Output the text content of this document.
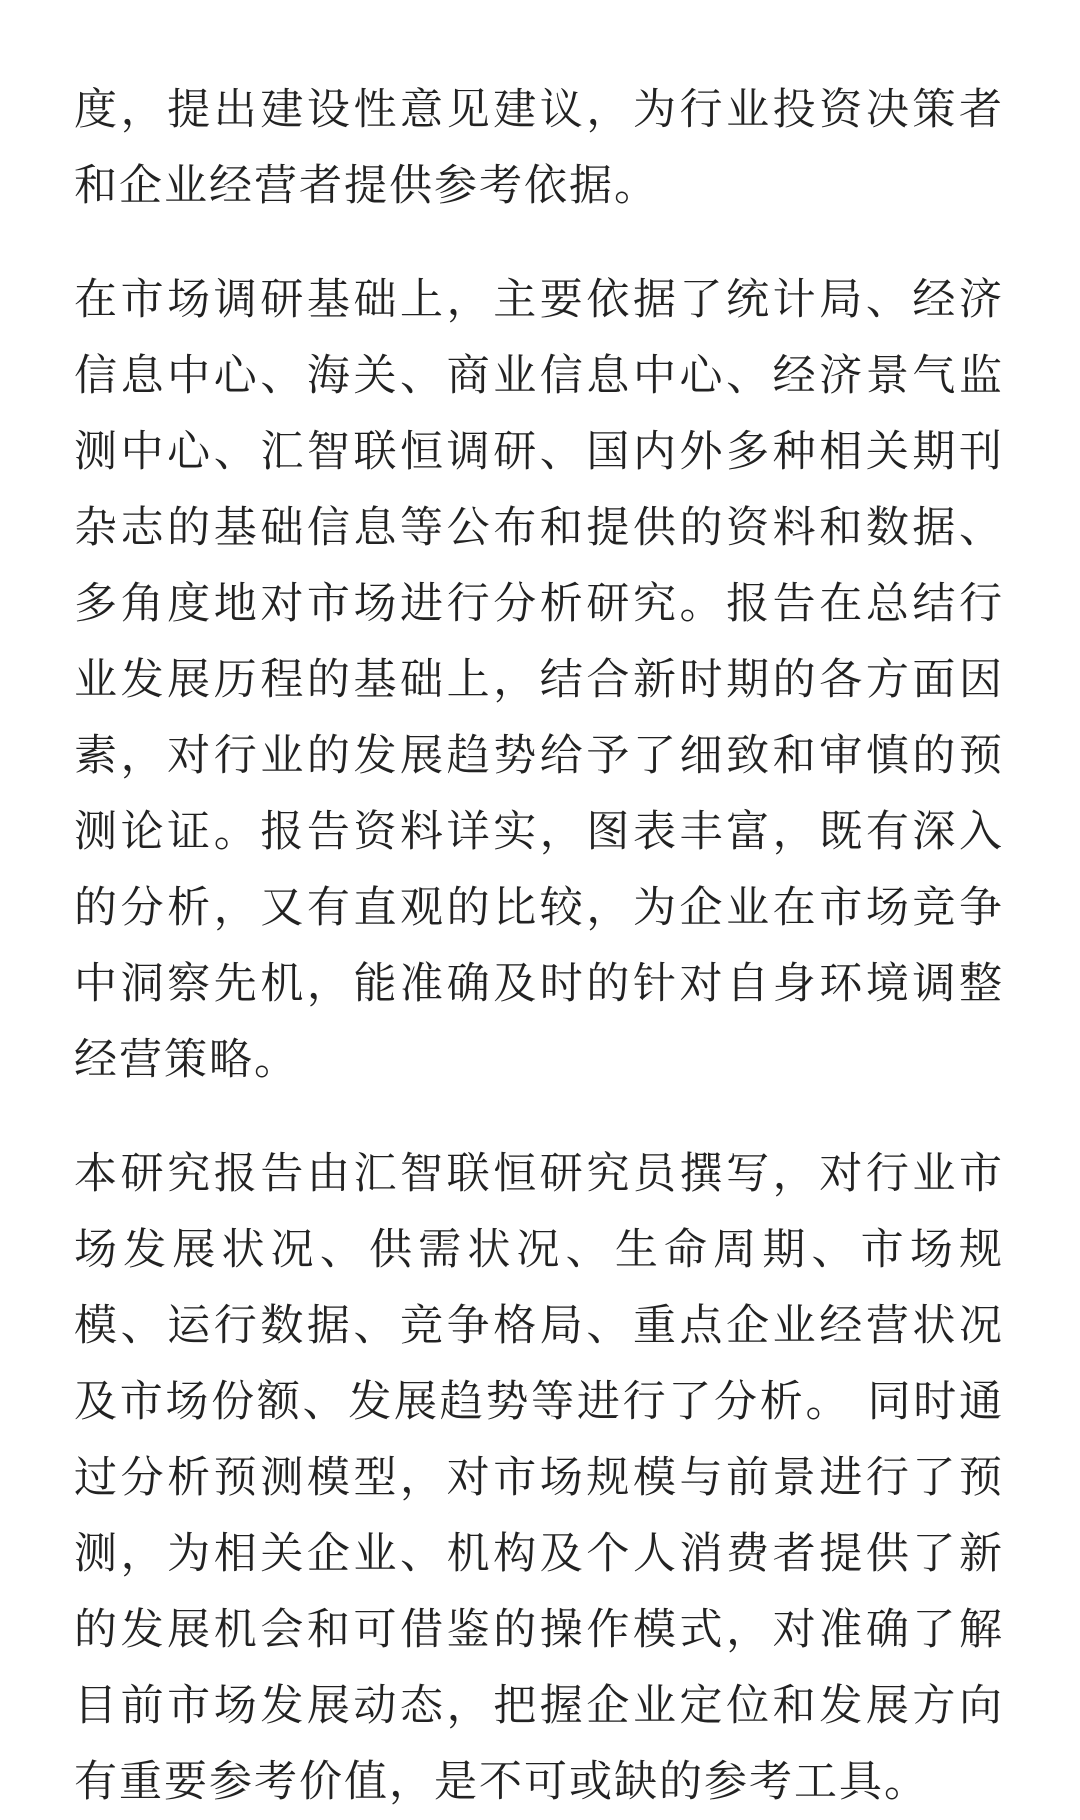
度，提出建设性意见建议，为行业投资决策者和企业经营者提供参考依据。

在市场调研基础上，主要依据了统计局、经济信息中心、海关、商业信息中心、经济景气监测中心、汇智联恒调研、国内外多种相关期刊杂志的基础信息等公布和提供的资料和数据、多角度地对市场进行分析研究。报告在总结行业发展历程的基础上，结合新时期的各方面因素，对行业的发展趋势给予了细致和审慎的预测论证。报告资料详实，图表丰富，既有深入的分析，又有直观的比较，为企业在市场竞争中洞察先机，能准确及时的针对自身环境调整经营策略。

本研究报告由汇智联恒研究员撰写，对行业市场发展状况、供需状况、生命周期、市场规模、运行数据、竞争格局、重点企业经营状况及市场份额、发展趋势等进行了分析。 同时通过分析预测模型，对市场规模与前景进行了预测，为相关企业、机构及个人消费者提供了新的发展机会和可借鉴的操作模式，对准确了解目前市场发展动态，把握企业定位和发展方向有重要参考价值，是不可或缺的参考工具。
